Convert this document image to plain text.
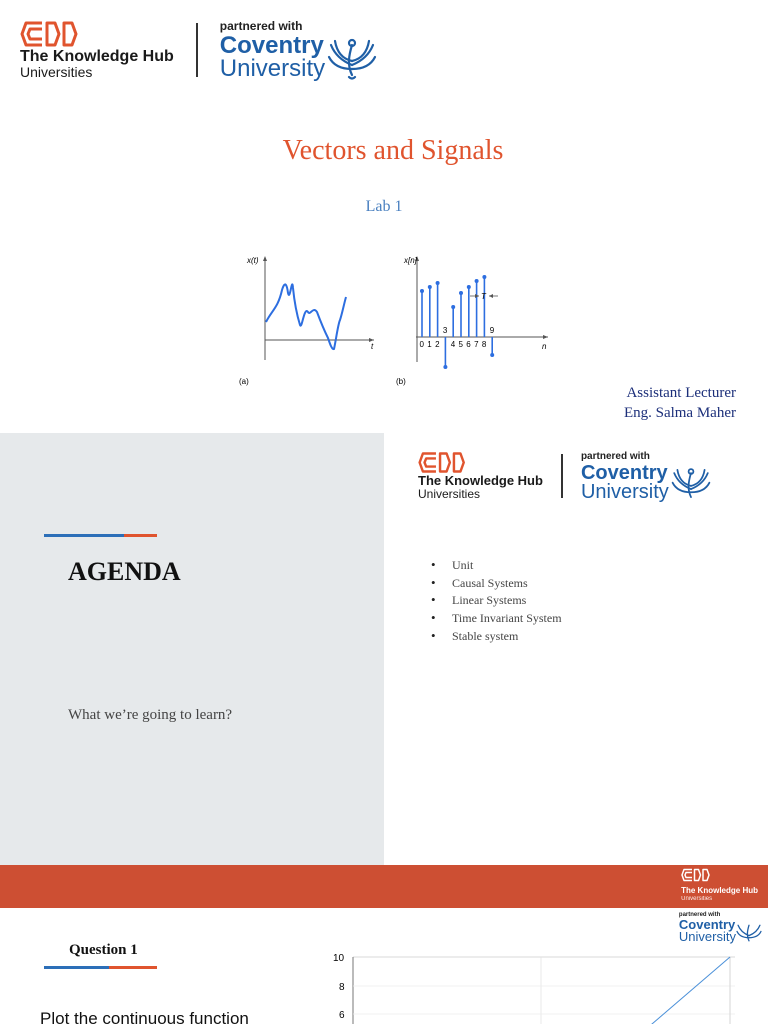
The Knowledge Hub
Universities
partnered with
Coventry
University
Vectors and Signals
Lab 1
x(t)
t
(a)
x[n]
n
0 1 2
3
4 5 6 7 8
9
T
(b)
Assistant Lecturer
Eng. Salma Maher
AGENDA
What we’re going to learn?
The Knowledge Hub
Universities
partnered with
Coventry
University
• Unit
• Causal Systems
• Linear Systems
• Time Invariant System
• Stable system
The Knowledge Hub
Universities
partnered with
Coventry
University
Question 1
Plot the continuous function
10
8
6
